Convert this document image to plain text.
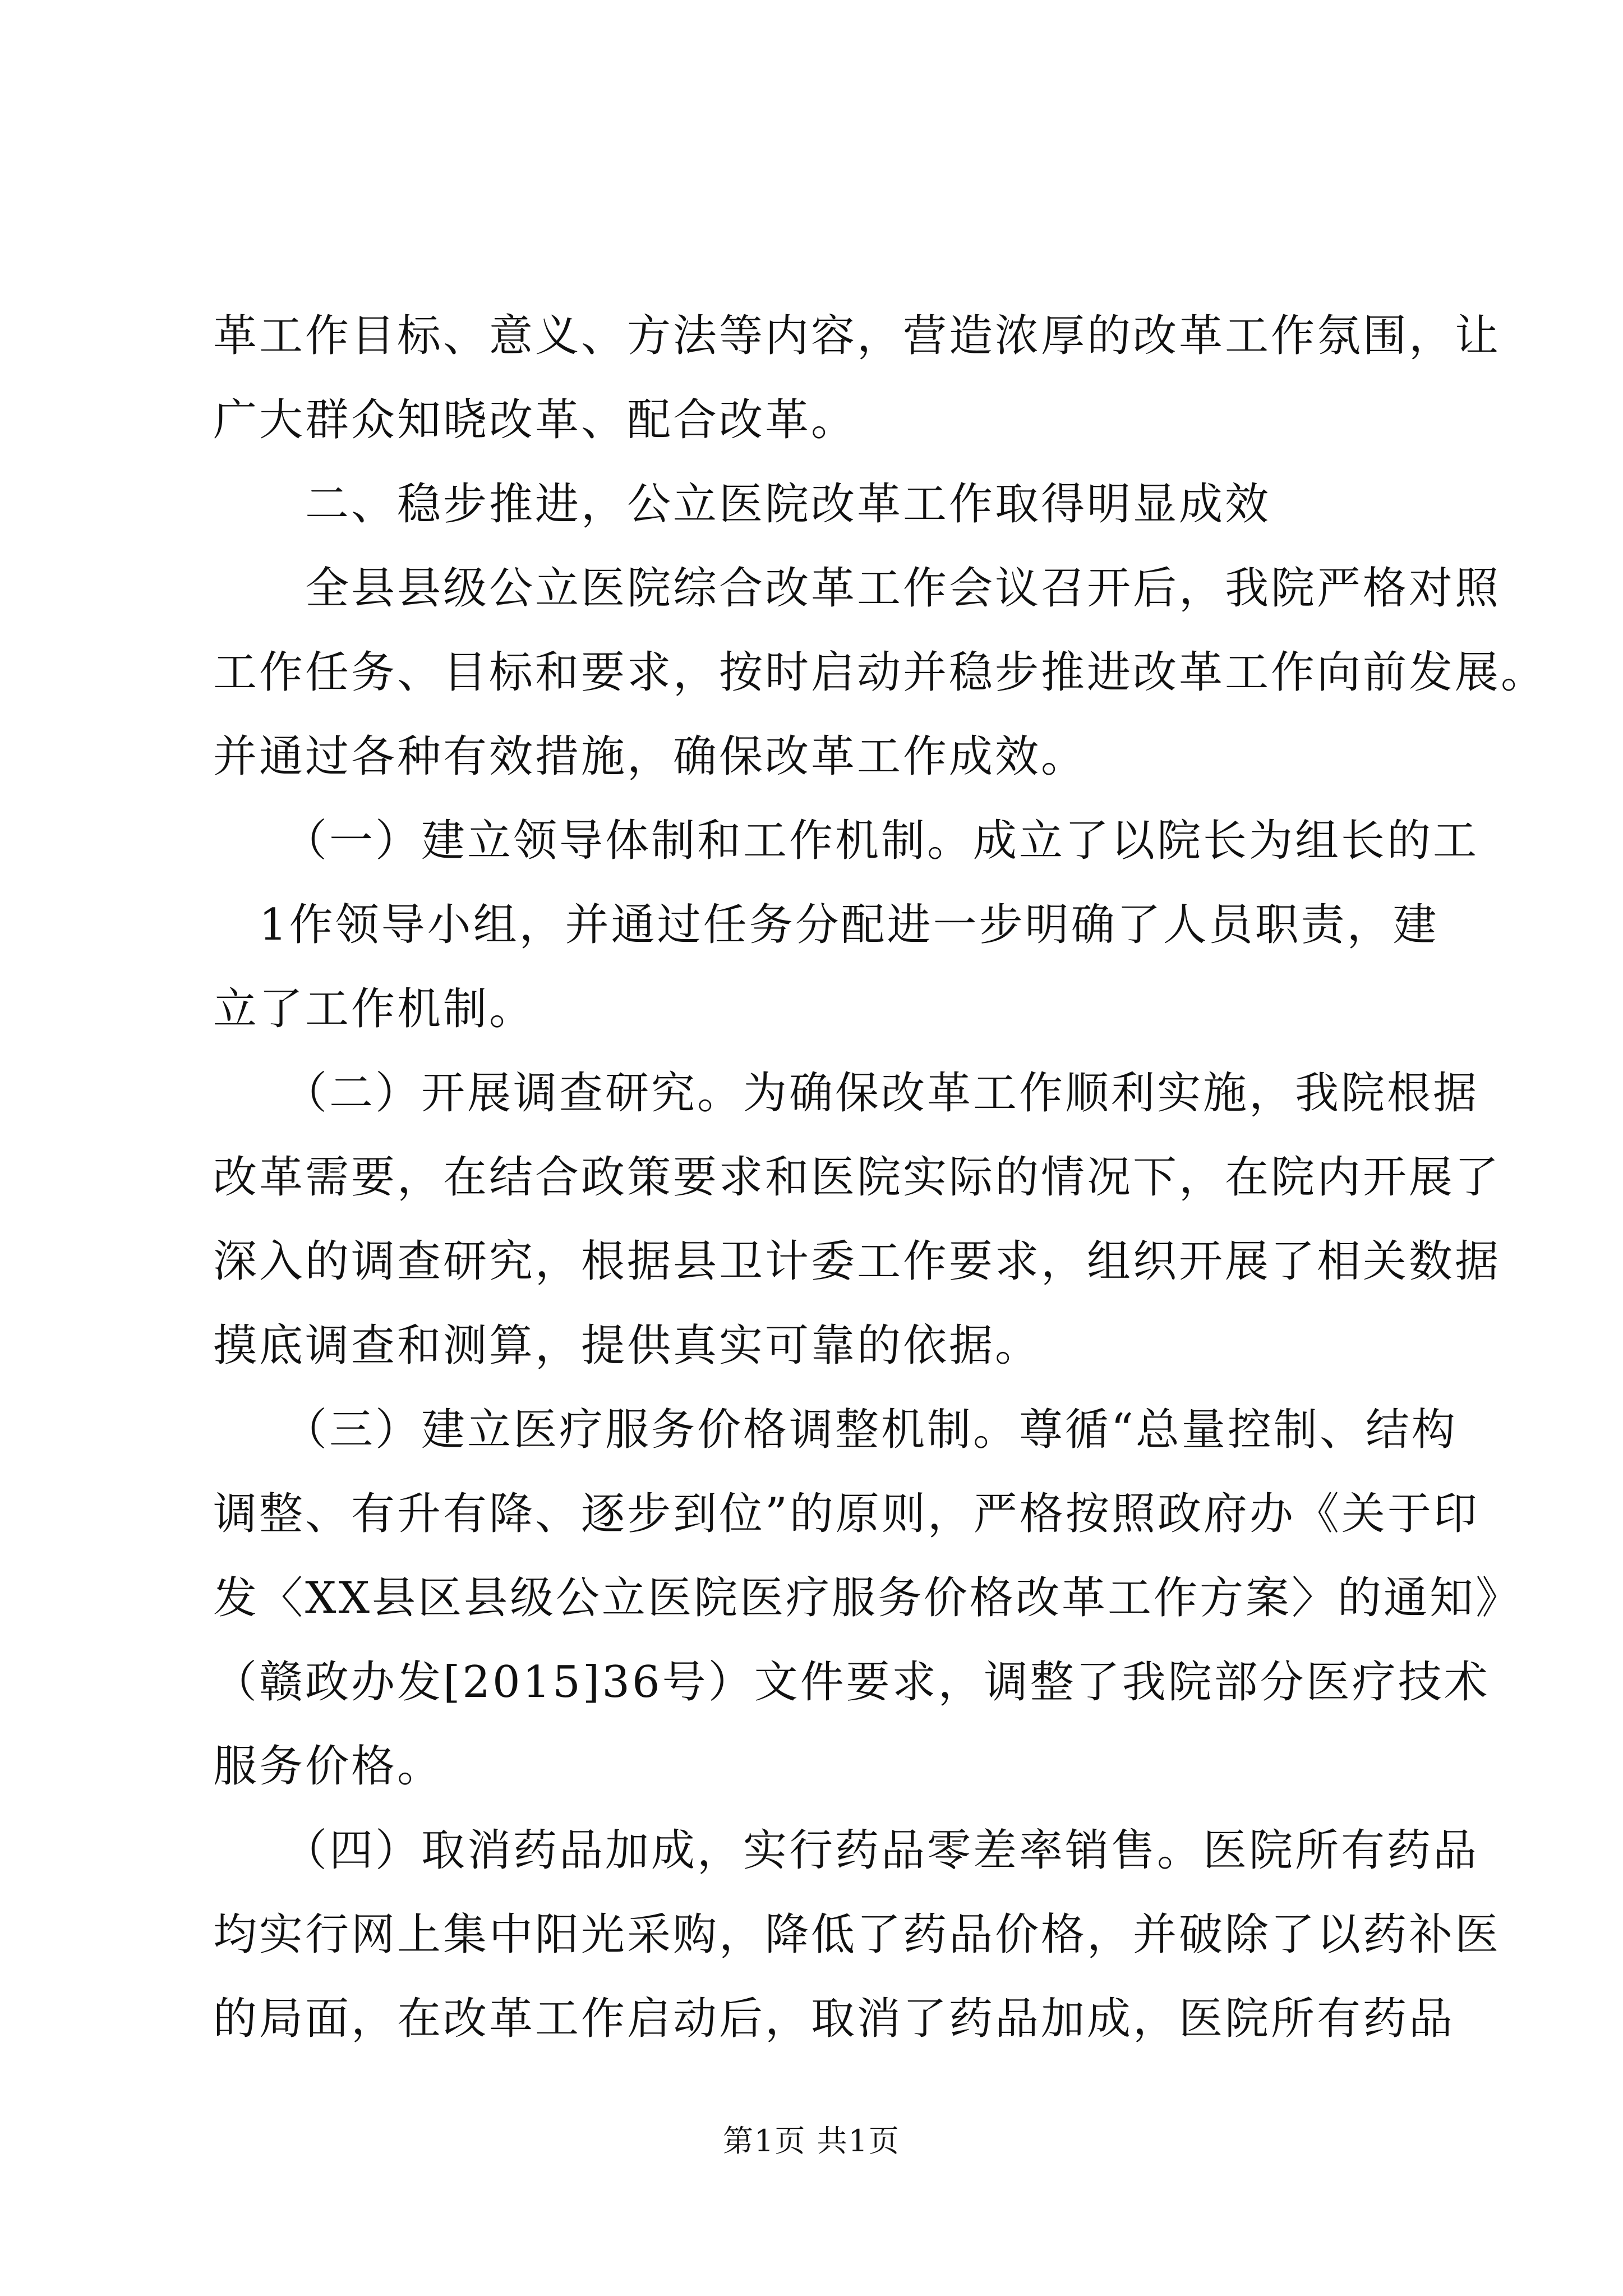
革工作目标、意义、方法等内容，营造浓厚的改革工作氛围，让
广大群众知晓改革、配合改革。
　　二、稳步推进，公立医院改革工作取得明显成效
　　全县县级公立医院综合改革工作会议召开后，我院严格对照
工作任务、目标和要求，按时启动并稳步推进改革工作向前发展。
并通过各种有效措施，确保改革工作成效。
　　（一）建立领导体制和工作机制。成立了以院长为组长的工
　1作领导小组，并通过任务分配进一步明确了人员职责，建
立了工作机制。
　　（二）开展调查研究。为确保改革工作顺利实施，我院根据
改革需要，在结合政策要求和医院实际的情况下，在院内开展了
深入的调查研究，根据县卫计委工作要求，组织开展了相关数据
摸底调查和测算，提供真实可靠的依据。
　　（三）建立医疗服务价格调整机制。尊循“总量控制、结构
调整、有升有降、逐步到位”的原则，严格按照政府办《关于印
发〈XX县区县级公立医院医疗服务价格改革工作方案〉的通知》
（赣政办发[2015]36号）文件要求，调整了我院部分医疗技术
服务价格。
　　（四）取消药品加成，实行药品零差率销售。医院所有药品
均实行网上集中阳光采购，降低了药品价格，并破除了以药补医
的局面，在改革工作启动后，取消了药品加成，医院所有药品
第1页 共1页
